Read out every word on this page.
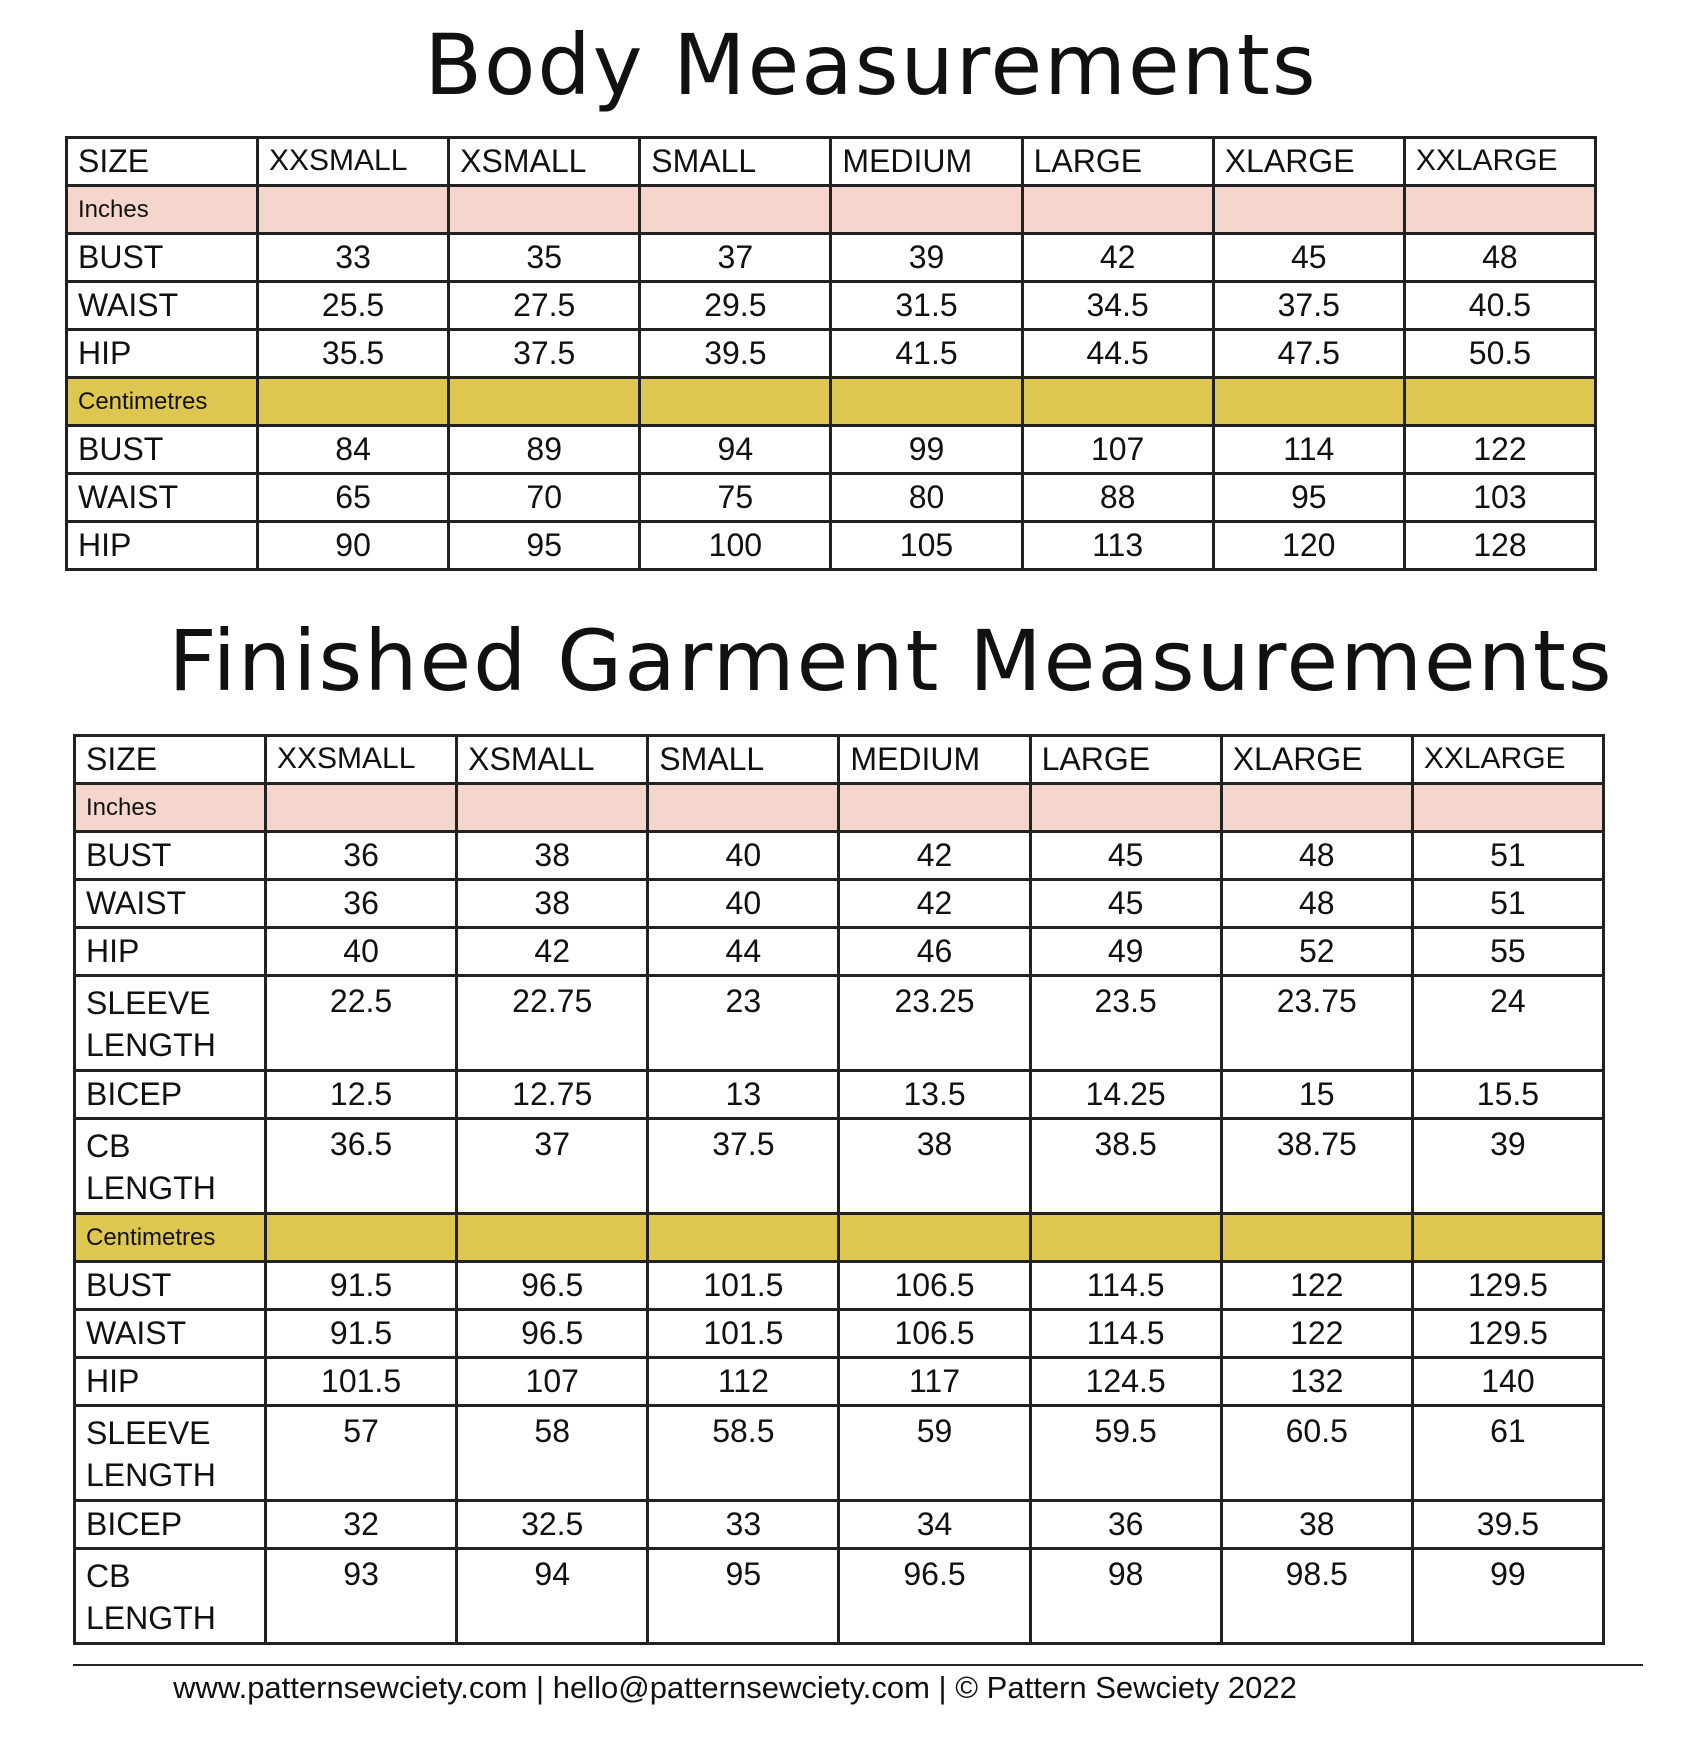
Body Measurements
SIZE	XXSMALL	XSMALL	SMALL	MEDIUM	LARGE	XLARGE	XXLARGE
Inches							
BUST	33	35	37	39	42	45	48
WAIST	25.5	27.5	29.5	31.5	34.5	37.5	40.5
HIP	35.5	37.5	39.5	41.5	44.5	47.5	50.5
Centimetres							
BUST	84	89	94	99	107	114	122
WAIST	65	70	75	80	88	95	103
HIP	90	95	100	105	113	120	128
Finished Garment Measurements
SIZE	XXSMALL	XSMALL	SMALL	MEDIUM	LARGE	XLARGE	XXLARGE
Inches							
BUST	36	38	40	42	45	48	51
WAIST	36	38	40	42	45	48	51
HIP	40	42	44	46	49	52	55
SLEEVE
LENGTH	22.5	22.75	23	23.25	23.5	23.75	24
BICEP	12.5	12.75	13	13.5	14.25	15	15.5
CB
LENGTH	36.5	37	37.5	38	38.5	38.75	39
Centimetres							
BUST	91.5	96.5	101.5	106.5	114.5	122	129.5
WAIST	91.5	96.5	101.5	106.5	114.5	122	129.5
HIP	101.5	107	112	117	124.5	132	140
SLEEVE
LENGTH	57	58	58.5	59	59.5	60.5	61
BICEP	32	32.5	33	34	36	38	39.5
CB
LENGTH	93	94	95	96.5	98	98.5	99
www.patternsewciety.com | hello@patternsewciety.com | © Pattern Sewciety 2022
